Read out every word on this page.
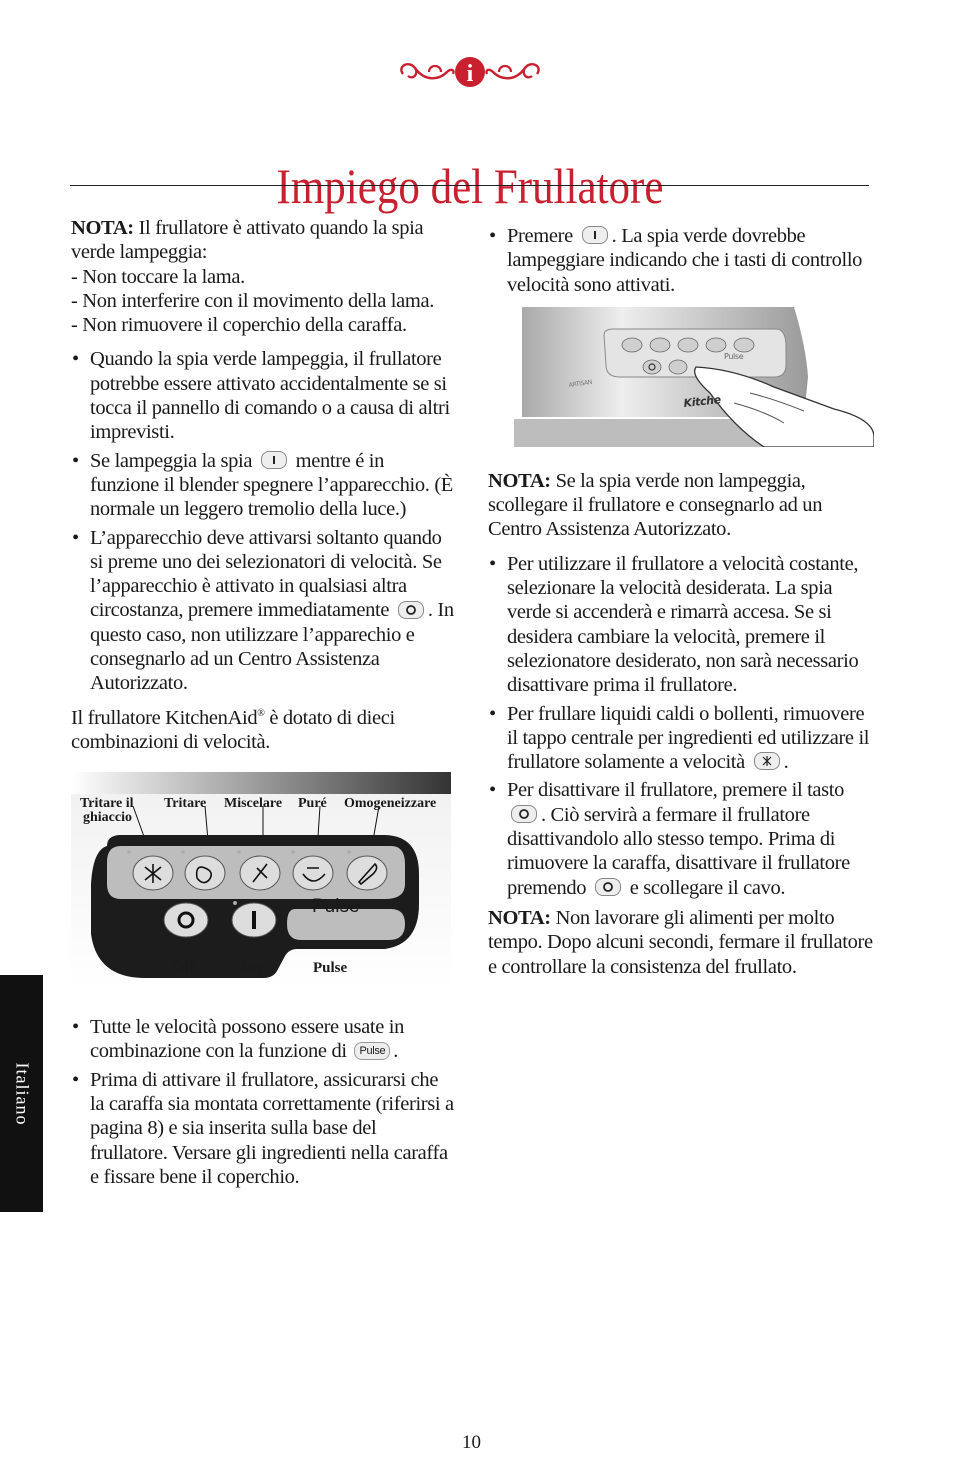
i
Impiego del Frullatore

NOTA: Il frullatore è attivato quando la spia verde lampeggia:
- Non toccare la lama.
- Non interferire con il movimento della lama.
- Non rimuovere il coperchio della caraffa.

• Quando la spia verde lampeggia, il frullatore potrebbe essere attivato accidentalmente se si tocca il pannello di comando o a causa di altri imprevisti.
• Se lampeggia la spia mentre é in funzione il blender spegnere l’apparecchio. (È normale un leggero tremolio della luce.)
• L’apparecchio deve attivarsi soltanto quando si preme uno dei selezionatori di velocità. Se l’apparecchio è attivato in qualsiasi altra circostanza, premere immediatamente . In questo caso, non utilizzare l’apparechio e consegnarlo ad un Centro Assistenza Autorizzato.

Il frullatore KitchenAid® è dotato di dieci combinazioni di velocità.

Tritare il
ghiaccio
Tritare Miscelare Puré Omogeneizzare
Pulse
Off	On	Pulse
• Tutte le velocità possono essere usate in combinazione con la funzione di Pulse .
• Prima di attivare il frullatore, assicurarsi che la caraffa sia montata correttamente (riferirsi a pagina 8) e sia inserita sulla base del frullatore. Versare gli ingredienti nella caraffa e fissare bene il coperchio.
• Premere . La spia verde dovrebbe lampeggiare indicando che i tasti di controllo velocità sono attivati.
ARTISAN
Pulse
Kitche

NOTA: Se la spia verde non lampeggia, scollegare il frullatore e consegnarlo ad un Centro Assistenza Autorizzato.

• Per utilizzare il frullatore a velocità costante, selezionare la velocità desiderata. La spia verde si accenderà e rimarrà accesa. Se si desidera cambiare la velocità, premere il selezionatore desiderato, non sarà necessario disattivare prima il frullatore.
• Per frullare liquidi caldi o bollenti, rimuovere il tappo centrale per ingredienti ed utilizzare il frullatore solamente a velocità .
• Per disattivare il frullatore, premere il tasto
. Ciò servirà a fermare il frullatore disattivandolo allo stesso tempo. Prima di rimuovere la caraffa, disattivare il frullatore premendo e scollegare il cavo.

NOTA: Non lavorare gli alimenti per molto tempo. Dopo alcuni secondi, fermare il frullatore e controllare la consistenza del frullato.

Italiano
10
